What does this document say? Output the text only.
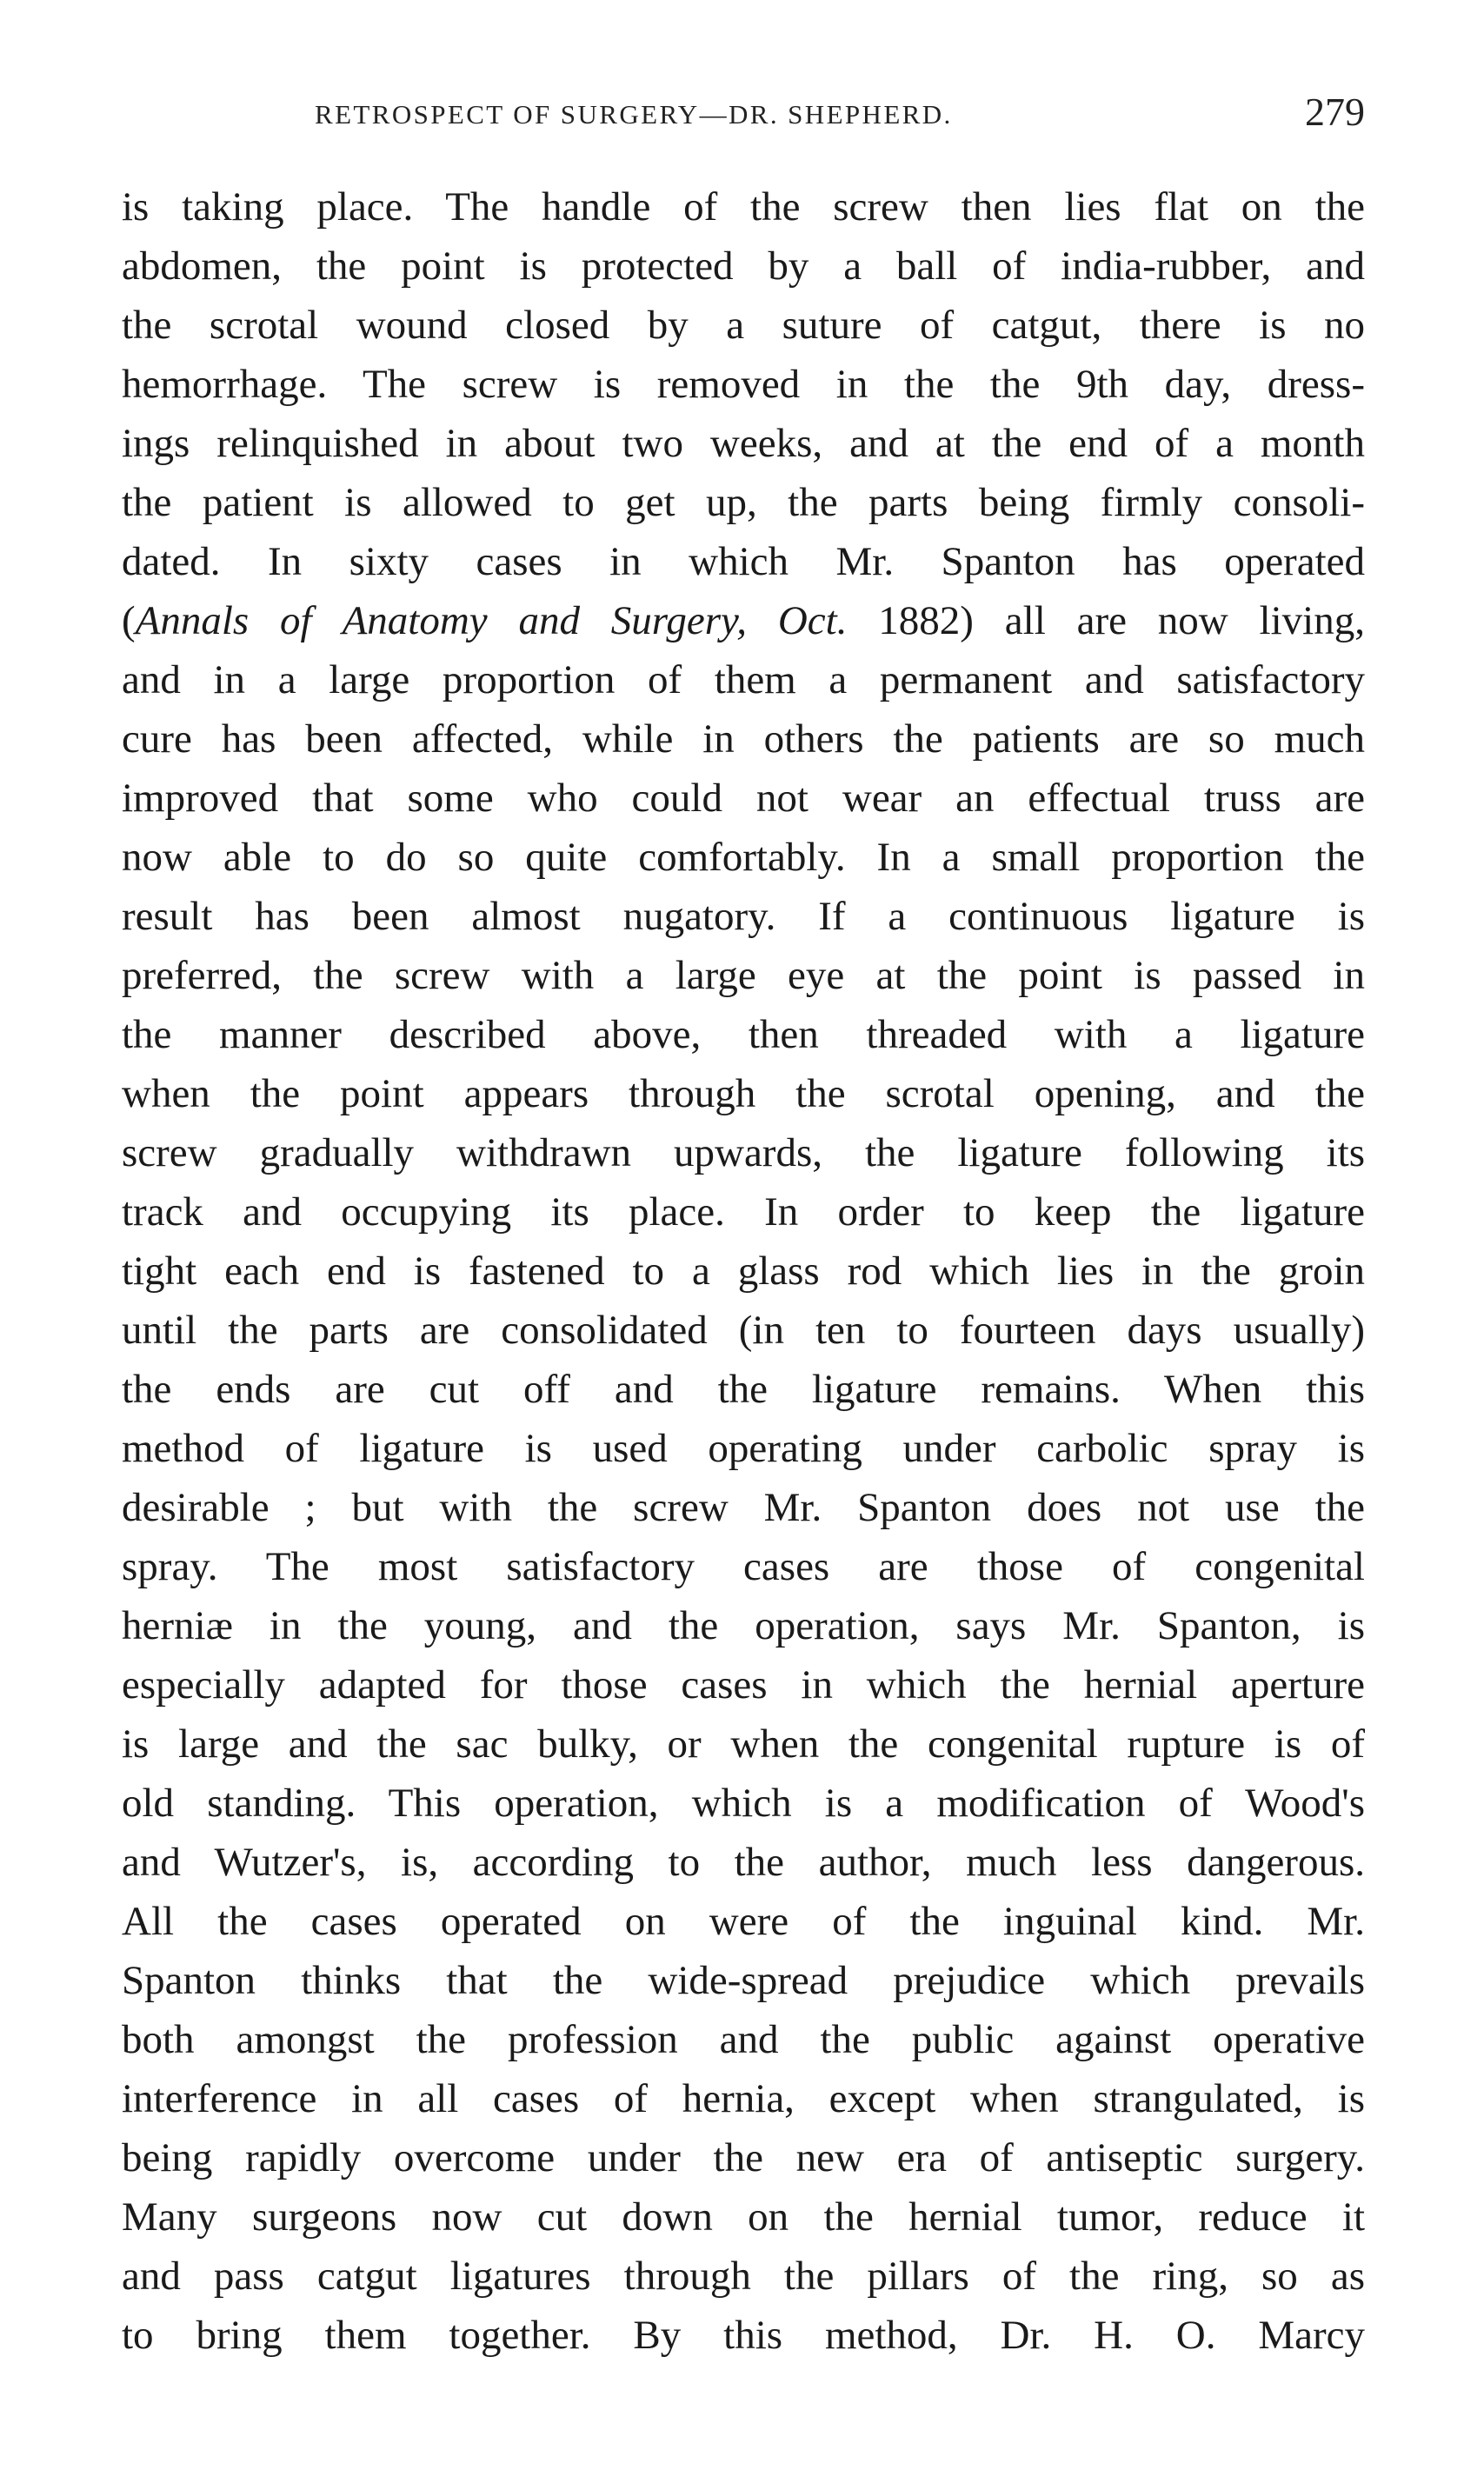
RETROSPECT OF SURGERY—DR. SHEPHERD.	279
is taking place. The handle of the screw then lies flat on the
abdomen, the point is protected by a ball of india-rubber, and
the scrotal wound closed by a suture of catgut, there is no
hemorrhage. The screw is removed in the the 9th day, dress-
ings relinquished in about two weeks, and at the end of a month
the patient is allowed to get up, the parts being firmly consoli-
dated. In sixty cases in which Mr. Spanton has operated
(Annals of Anatomy and Surgery, Oct. 1882) all are now living,
and in a large proportion of them a permanent and satisfactory
cure has been affected, while in others the patients are so much
improved that some who could not wear an effectual truss are
now able to do so quite comfortably. In a small proportion the
result has been almost nugatory. If a continuous ligature is
preferred, the screw with a large eye at the point is passed in
the manner described above, then threaded with a ligature
when the point appears through the scrotal opening, and the
screw gradually withdrawn upwards, the ligature following its
track and occupying its place. In order to keep the ligature
tight each end is fastened to a glass rod which lies in the groin
until the parts are consolidated (in ten to fourteen days usually)
the ends are cut off and the ligature remains. When this
method of ligature is used operating under carbolic spray is
desirable ; but with the screw Mr. Spanton does not use the
spray. The most satisfactory cases are those of congenital
herniæ in the young, and the operation, says Mr. Spanton, is
especially adapted for those cases in which the hernial aperture
is large and the sac bulky, or when the congenital rupture is of
old standing. This operation, which is a modification of Wood's
and Wutzer's, is, according to the author, much less dangerous.
All the cases operated on were of the inguinal kind. Mr.
Spanton thinks that the wide-spread prejudice which prevails
both amongst the profession and the public against operative
interference in all cases of hernia, except when strangulated, is
being rapidly overcome under the new era of antiseptic surgery.
Many surgeons now cut down on the hernial tumor, reduce it
and pass catgut ligatures through the pillars of the ring, so as
to bring them together. By this method, Dr. H. O. Marcy
